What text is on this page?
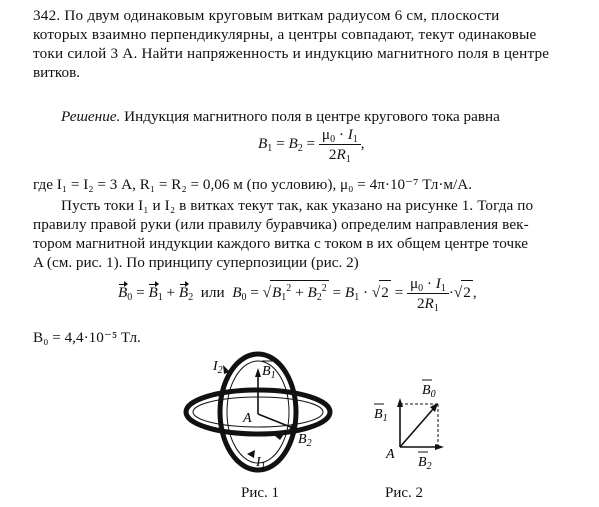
342. По двум одинаковым круговым виткам радиусом 6 см, плоскости
которых взаимно перпендикулярны, а центры совпадают, текут одинаковые
токи силой 3 А. Найти напряженность и индукцию магнитного поля в центре
витков.
Решение. Индукция магнитного поля в центре кругового тока равна
$B_1 = B_2 = \frac{\mu_0 \cdot I_1}{2R_1}$ ,
где I₁ = I₂ = 3 А, R₁ = R₂ = 0,06 м (по условию), μ₀ = 4π·10⁻⁷ Тл·м/А.
Пусть токи I₁ и I₂ в витках текут так, как указано на рисунке 1. Тогда по
правилу правой руки (или правилу буравчика) определим направления век-
тором магнитной индукции каждого витка с током в их общем центре точке
A (см. рис. 1). По принципу суперпозиции (рис. 2)
$B_0 = B_1 + B_2$ или $B_0 = √B_1^2 + B_2^2 = B_1 \cdot √2 = \frac{\mu_0 \cdot I_1}{2R_1} \cdot√2$ ,
B₀ = 4,4·10⁻⁵ Тл.
$I_2$	$B_1$
A
$B_2$
$I_1$
Рис. 1
$B_0$
$B_1$
A
$B_2$
Рис. 2
